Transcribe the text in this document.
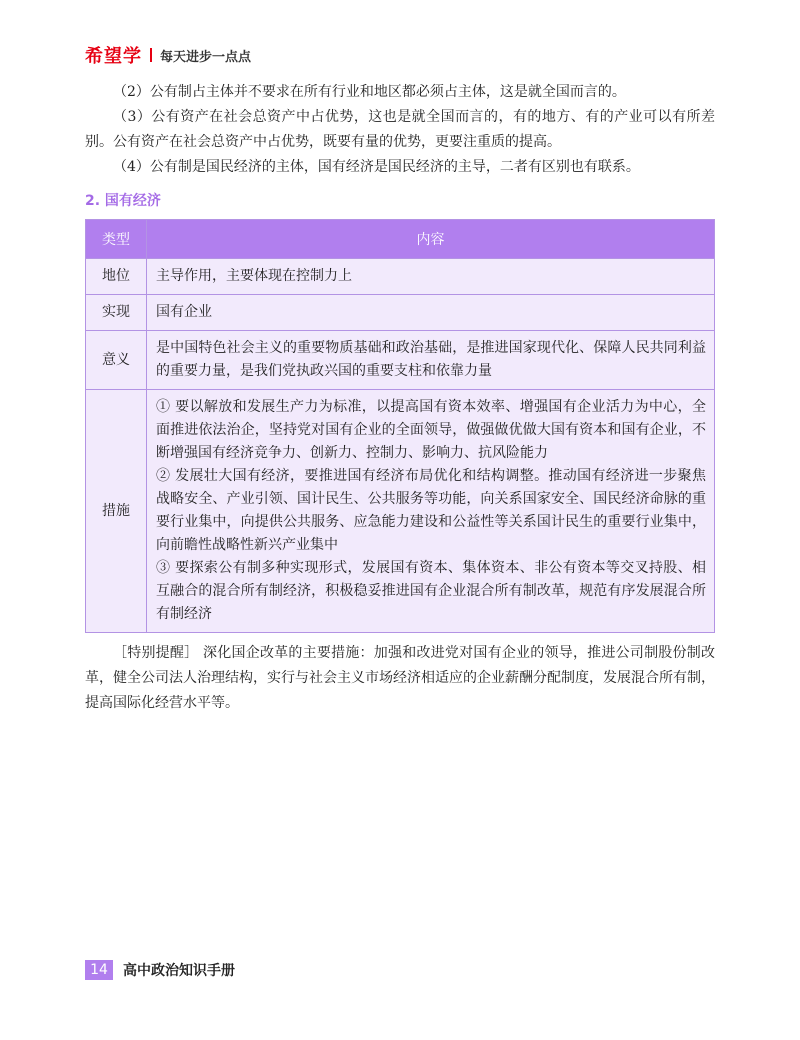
希望学 每天进步一点点

（2）公有制占主体并不要求在所有行业和地区都必须占主体，这是就全国而言的。

（3）公有资产在社会总资产中占优势，这也是就全国而言的，有的地方、有的产业可以有所差别。公有资产在社会总资产中占优势，既要有量的优势，更要注重质的提高。

（4）公有制是国民经济的主体，国有经济是国民经济的主导，二者有区别也有联系。

2. 国有经济
类型	内容
地位	主导作用，主要体现在控制力上
实现	国有企业
意义	是中国特色社会主义的重要物质基础和政治基础，是推进国家现代化、保障人民共同利益的重要力量，是我们党执政兴国的重要支柱和依靠力量
措施	① 要以解放和发展生产力为标准，以提高国有资本效率、增强国有企业活力为中心，全面推进依法治企，坚持党对国有企业的全面领导，做强做优做大国有资本和国有企业，不断增强国有经济竞争力、创新力、控制力、影响力、抗风险能力
② 发展壮大国有经济，要推进国有经济布局优化和结构调整。推动国有经济进一步聚焦战略安全、产业引领、国计民生、公共服务等功能，向关系国家安全、国民经济命脉的重要行业集中，向提供公共服务、应急能力建设和公益性等关系国计民生的重要行业集中，向前瞻性战略性新兴产业集中
③ 要探索公有制多种实现形式，发展国有资本、集体资本、非公有资本等交叉持股、相互融合的混合所有制经济，积极稳妥推进国有企业混合所有制改革，规范有序发展混合所有制经济

［特别提醒］ 深化国企改革的主要措施：加强和改进党对国有企业的领导，推进公司制股份制改革，健全公司法人治理结构，实行与社会主义市场经济相适应的企业薪酬分配制度，发展混合所有制，提高国际化经营水平等。

14	高中政治知识手册
